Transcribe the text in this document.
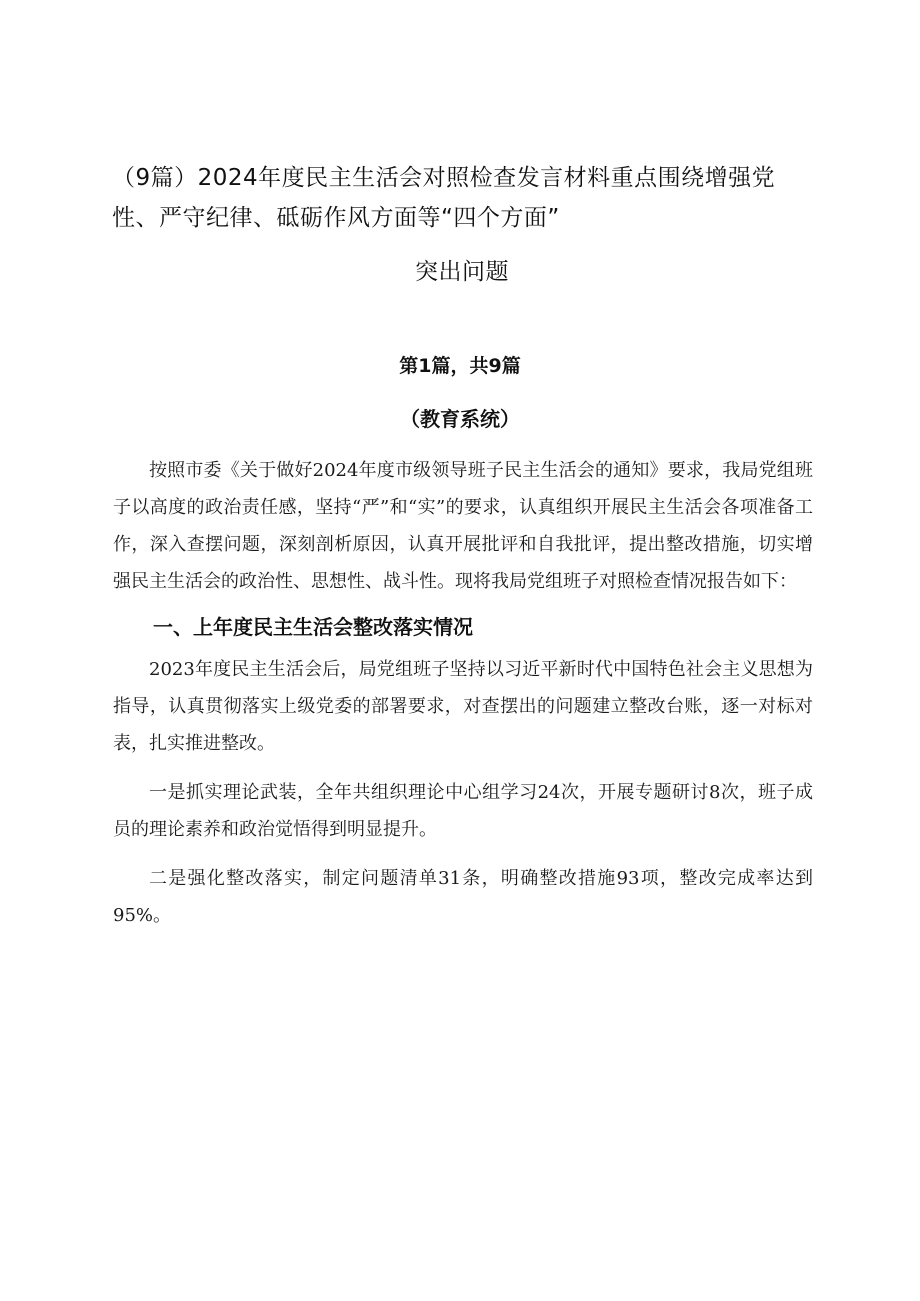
（9篇）2024年度民主生活会对照检查发言材料重点围绕增强党
性、严守纪律、砥砺作风方面等“四个方面”
突出问题
第1篇，共9篇
（教育系统）

按照市委《关于做好2024年度市级领导班子民主生活会的通知》要求，我局党组班子以高度的政治责任感，坚持“严”和“实”的要求，认真组织开展民主生活会各项准备工作，深入查摆问题，深刻剖析原因，认真开展批评和自我批评，提出整改措施，切实增强民主生活会的政治性、思想性、战斗性。现将我局党组班子对照检查情况报告如下：

一、上年度民主生活会整改落实情况

2023年度民主生活会后，局党组班子坚持以习近平新时代中国特色社会主义思想为指导，认真贯彻落实上级党委的部署要求，对查摆出的问题建立整改台账，逐一对标对表，扎实推进整改。

一是抓实理论武装，全年共组织理论中心组学习24次，开展专题研讨8次，班子成员的理论素养和政治觉悟得到明显提升。

二是强化整改落实，制定问题清单31条，明确整改措施93项，整改完成率达到95%。
